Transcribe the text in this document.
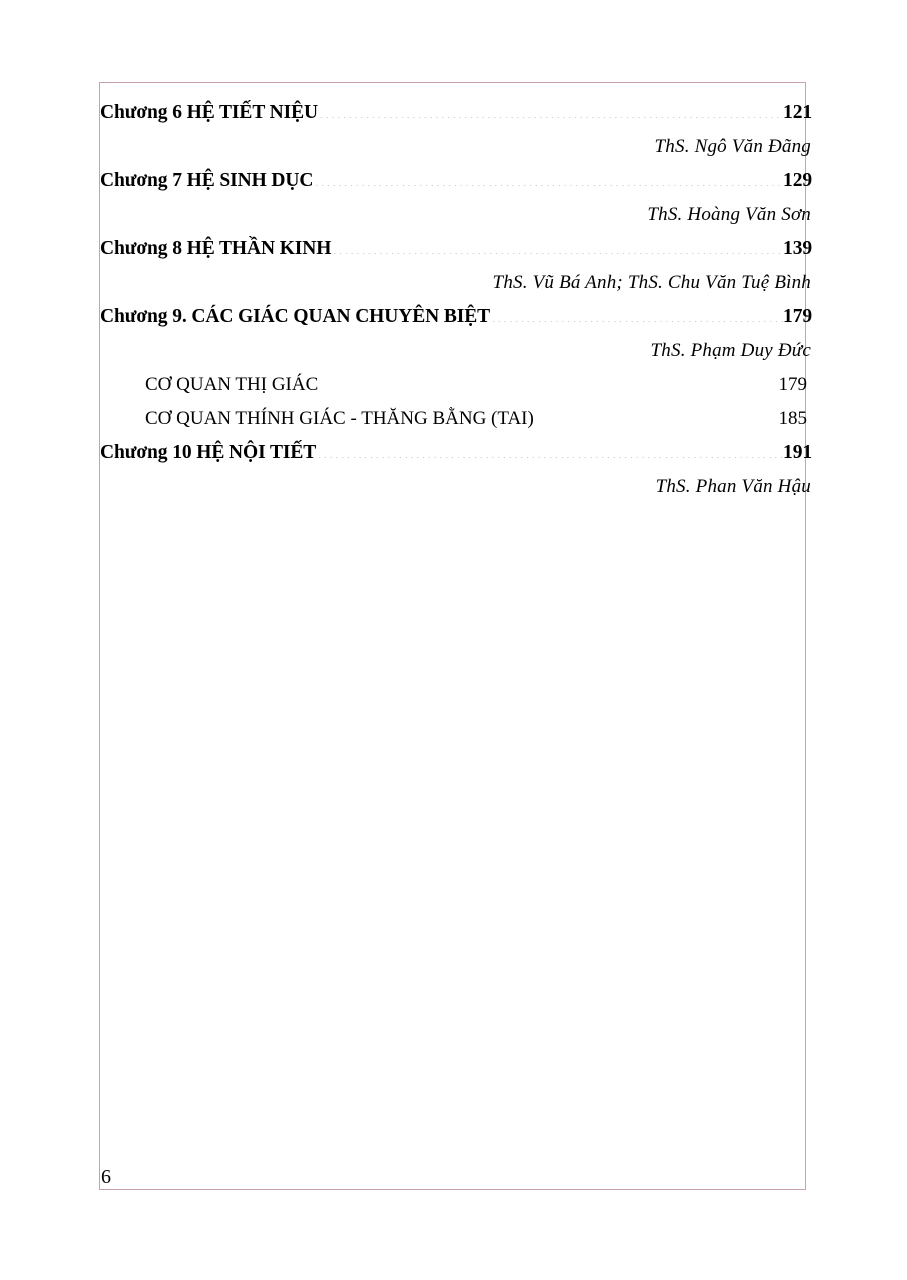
Chương 6 HỆ TIẾT NIỆU .....	121
ThS. Ngô Văn Đãng
Chương 7 HỆ SINH DỤC .....	129
ThS. Hoàng Văn Sơn
Chương 8 HỆ THẦN KINH .....	139
ThS. Vũ Bá Anh; ThS. Chu Văn Tuệ Bình
Chương 9. CÁC GIÁC QUAN CHUYÊN BIỆT .....	179
ThS. Phạm Duy Đức
CƠ QUAN THỊ GIÁC .....	179
CƠ QUAN THÍNH GIÁC - THĂNG BẰNG (TAI) .....	185
Chương 10 HỆ NỘI TIẾT .....	191
ThS. Phan Văn Hậu
6
